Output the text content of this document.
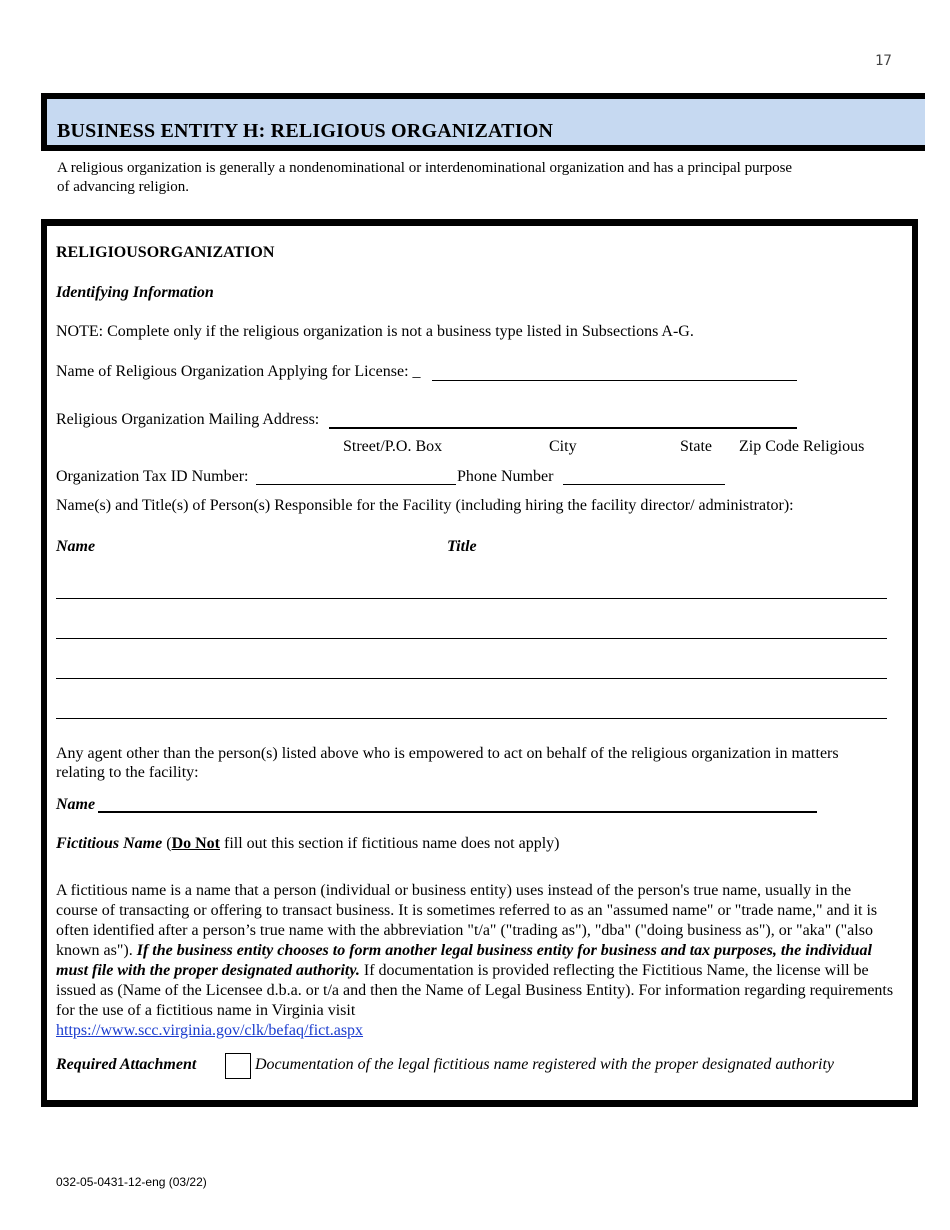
17
BUSINESS ENTITY H: RELIGIOUS ORGANIZATION
A religious organization is generally a nondenominational or interdenominational organization and has a principal purpose
of advancing religion.
RELIGIOUSORGANIZATION
Identifying Information
NOTE: Complete only if the religious organization is not a business type listed in Subsections A-G.
Name of Religious Organization Applying for License: _
Religious Organization Mailing Address:
Street/P.O. Box	City	State Zip Code Religious
Organization Tax ID Number:	Phone Number
Name(s) and Title(s) of Person(s) Responsible for the Facility (including hiring the facility director/ administrator):
Name	Title
Any agent other than the person(s) listed above who is empowered to act on behalf of the religious organization in matters
relating to the facility:
Name
Fictitious Name (Do Not fill out this section if fictitious name does not apply)
A fictitious name is a name that a person (individual or business entity) uses instead of the person's true name, usually in the course of transacting or offering to transact business. It is sometimes referred to as an "assumed name" or "trade name," and it is often identified after a person’s true name with the abbreviation "t/a" ("trading as"), "dba" ("doing business as"), or "aka" ("also known as"). If the business entity chooses to form another legal business entity for business and tax purposes, the individual must file with the proper designated authority. If documentation is provided reflecting the Fictitious Name, the license will be issued as (Name of the Licensee d.b.a. or t/a and then the Name of Legal Business Entity). For information regarding requirements for the use of a fictitious name in Virginia visit
https://www.scc.virginia.gov/clk/befaq/fict.aspx
Required Attachment	Documentation of the legal fictitious name registered with the proper designated authority
032-05-0431-12-eng (03/22)
